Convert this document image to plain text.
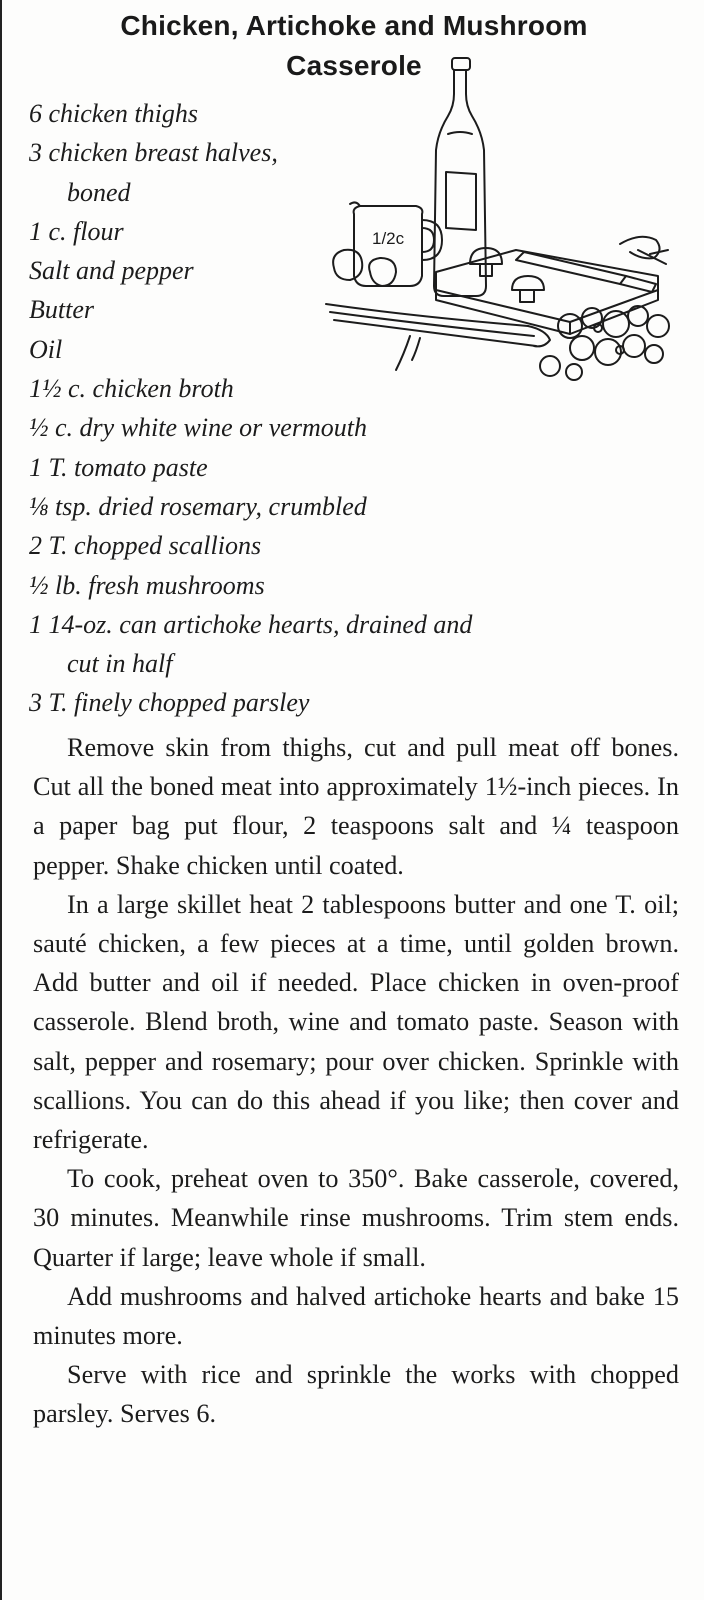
Chicken, Artichoke and Mushroom
Casserole
1/2c
6 chicken thighs
3 chicken breast halves,
boned
1 c. flour
Salt and pepper
Butter
Oil
1½ c. chicken broth
½ c. dry white wine or vermouth
1 T. tomato paste
⅛ tsp. dried rosemary, crumbled
2 T. chopped scallions
½ lb. fresh mushrooms
1 14-oz. can artichoke hearts, drained and
cut in half
3 T. finely chopped parsley

Remove skin from thighs, cut and pull meat off bones. Cut all the boned meat into approximately 1½-inch pieces. In a paper bag put flour, 2 teaspoons salt and ¼ teaspoon pepper. Shake chicken until coated.

In a large skillet heat 2 tablespoons butter and one T. oil; sauté chicken, a few pieces at a time, until golden brown. Add butter and oil if needed. Place chicken in oven-proof casserole. Blend broth, wine and tomato paste. Season with salt, pepper and rosemary; pour over chicken. Sprinkle with scallions. You can do this ahead if you like; then cover and refrigerate.

To cook, preheat oven to 350°. Bake casserole, covered, 30 minutes. Meanwhile rinse mushrooms. Trim stem ends. Quarter if large; leave whole if small.

Add mushrooms and halved artichoke hearts and bake 15 minutes more.

Serve with rice and sprinkle the works with chopped parsley. Serves 6.
